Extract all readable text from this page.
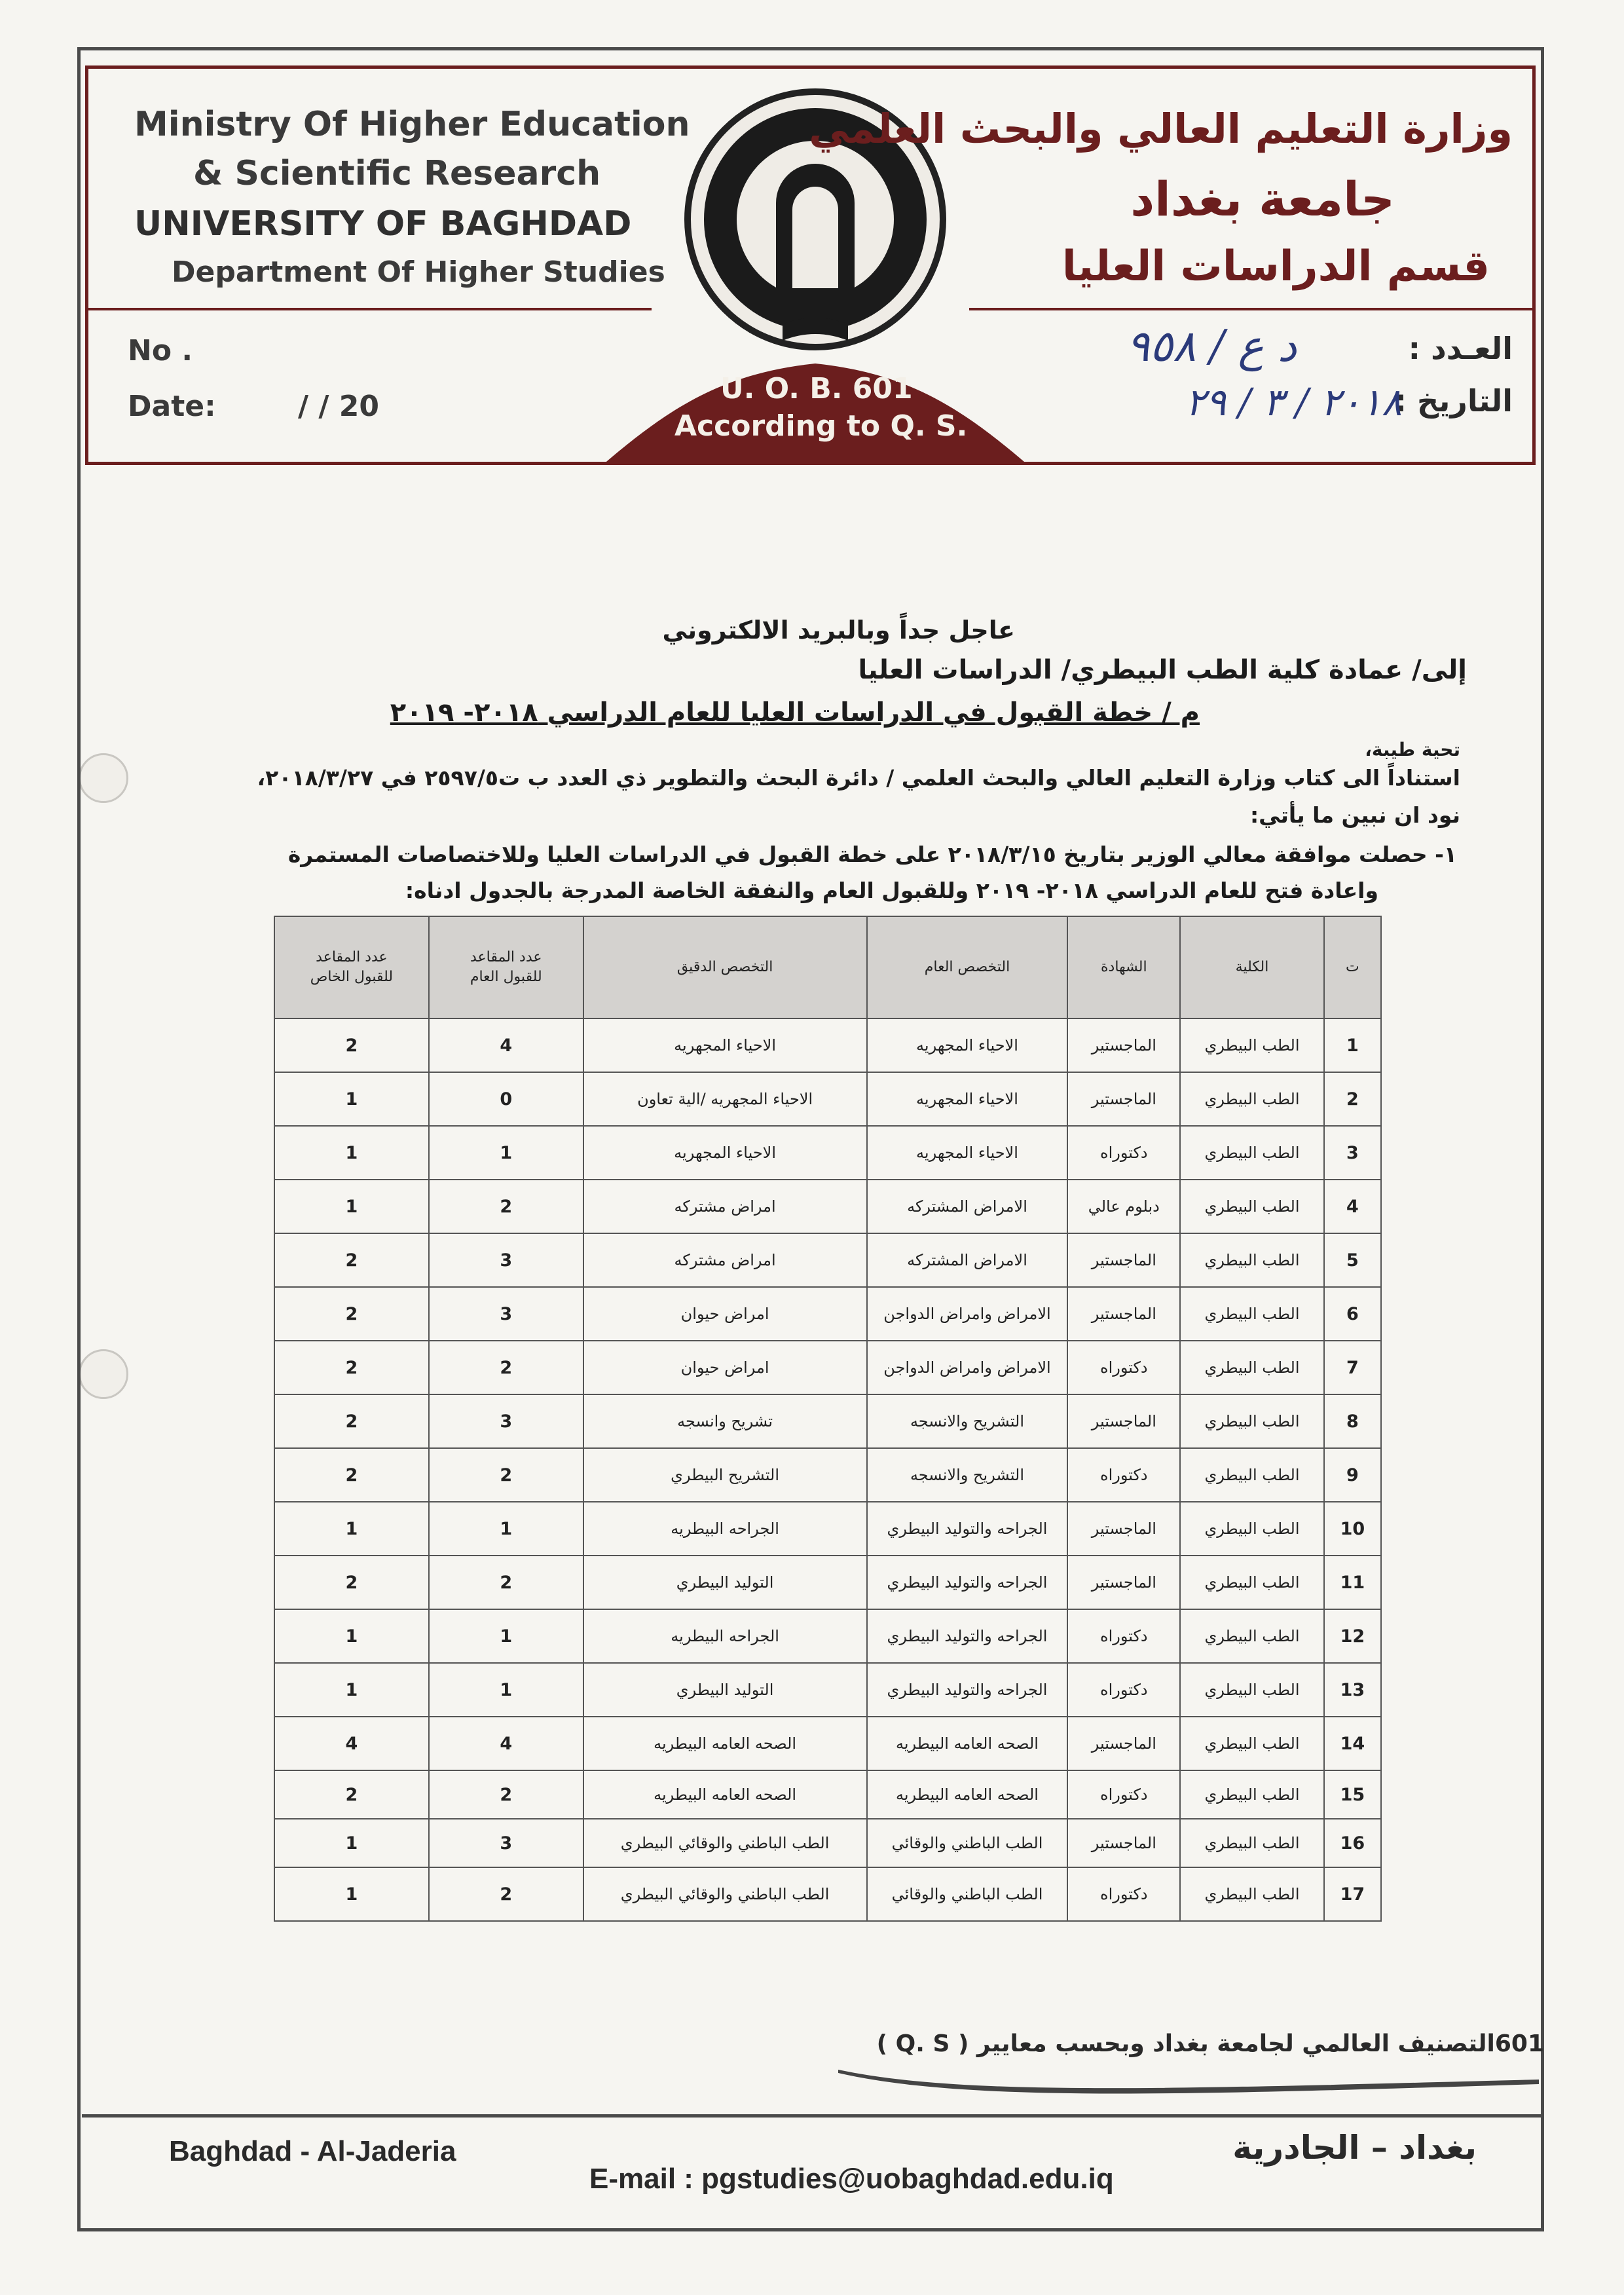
Ministry Of Higher Education
& Scientific Research
UNIVERSITY OF BAGHDAD
Department Of Higher Studies
No .
Date:	/ / 20
U. O. B. 601
According to Q. S.
وزارة التعليم العالي والبحث العلمي
جامعة بغداد
قسم الدراسات العليا
العـدد :
التاريخ :
د ع / ٩٥٨
٢٠١٨ / ٣ / ٢٩
عاجل جداً وبالبريد الالكتروني
إلى/ عمادة كلية الطب البيطري/ الدراسات العليا
م / خطة القبول في الدراسات العليا للعام الدراسي ٢٠١٨- ٢٠١٩
تحية طيبة،
استناداً الى كتاب وزارة التعليم العالي والبحث العلمي / دائرة البحث والتطوير ذي العدد ب ت٢٥٩٧/٥ في ٢٠١٨/٣/٢٧،
نود ان نبين ما يأتي:
١- حصلت موافقة معالي الوزير بتاريخ ٢٠١٨/٣/١٥ على خطة القبول في الدراسات العليا وللاختصاصات المستمرة
واعادة فتح للعام الدراسي ٢٠١٨- ٢٠١٩ وللقبول العام والنفقة الخاصة المدرجة بالجدول ادناه:
ت	الكلية	الشهادة	التخصص العام	التخصص الدقيق	عدد المقاعد للقبول العام	عدد المقاعد للقبول الخاص
1	الطب البيطري	الماجستير	الاحياء المجهريه	الاحياء المجهريه	4	2
2	الطب البيطري	الماجستير	الاحياء المجهريه	الاحياء المجهريه /الية تعاون	0	1
3	الطب البيطري	دكتوراه	الاحياء المجهريه	الاحياء المجهريه	1	1
4	الطب البيطري	دبلوم عالي	الامراض المشتركه	امراض مشتركه	2	1
5	الطب البيطري	الماجستير	الامراض المشتركه	امراض مشتركه	3	2
6	الطب البيطري	الماجستير	الامراض وامراض الدواجن	امراض حيوان	3	2
7	الطب البيطري	دكتوراه	الامراض وامراض الدواجن	امراض حيوان	2	2
8	الطب البيطري	الماجستير	التشريح والانسجه	تشريح وانسجه	3	2
9	الطب البيطري	دكتوراه	التشريح والانسجه	التشريح البيطري	2	2
10	الطب البيطري	الماجستير	الجراحه والتوليد البيطري	الجراحه البيطريه	1	1
11	الطب البيطري	الماجستير	الجراحه والتوليد البيطري	التوليد البيطري	2	2
12	الطب البيطري	دكتوراه	الجراحه والتوليد البيطري	الجراحه البيطريه	1	1
13	الطب البيطري	دكتوراه	الجراحه والتوليد البيطري	التوليد البيطري	1	1
14	الطب البيطري	الماجستير	الصحه العامه البيطريه	الصحه العامه البيطريه	4	4
15	الطب البيطري	دكتوراه	الصحه العامه البيطريه	الصحه العامه البيطريه	2	2
16	الطب البيطري	الماجستير	الطب الباطني والوقائي	الطب الباطني والوقائي البيطري	3	1
17	الطب البيطري	دكتوراه	الطب الباطني والوقائي	الطب الباطني والوقائي البيطري	2	1
601التصنيف العالمي لجامعة بغداد وبحسب معايير ( Q. S )
Baghdad - Al-Jaderia	بغداد – الجادرية
E-mail : pgstudies@uobaghdad.edu.iq
